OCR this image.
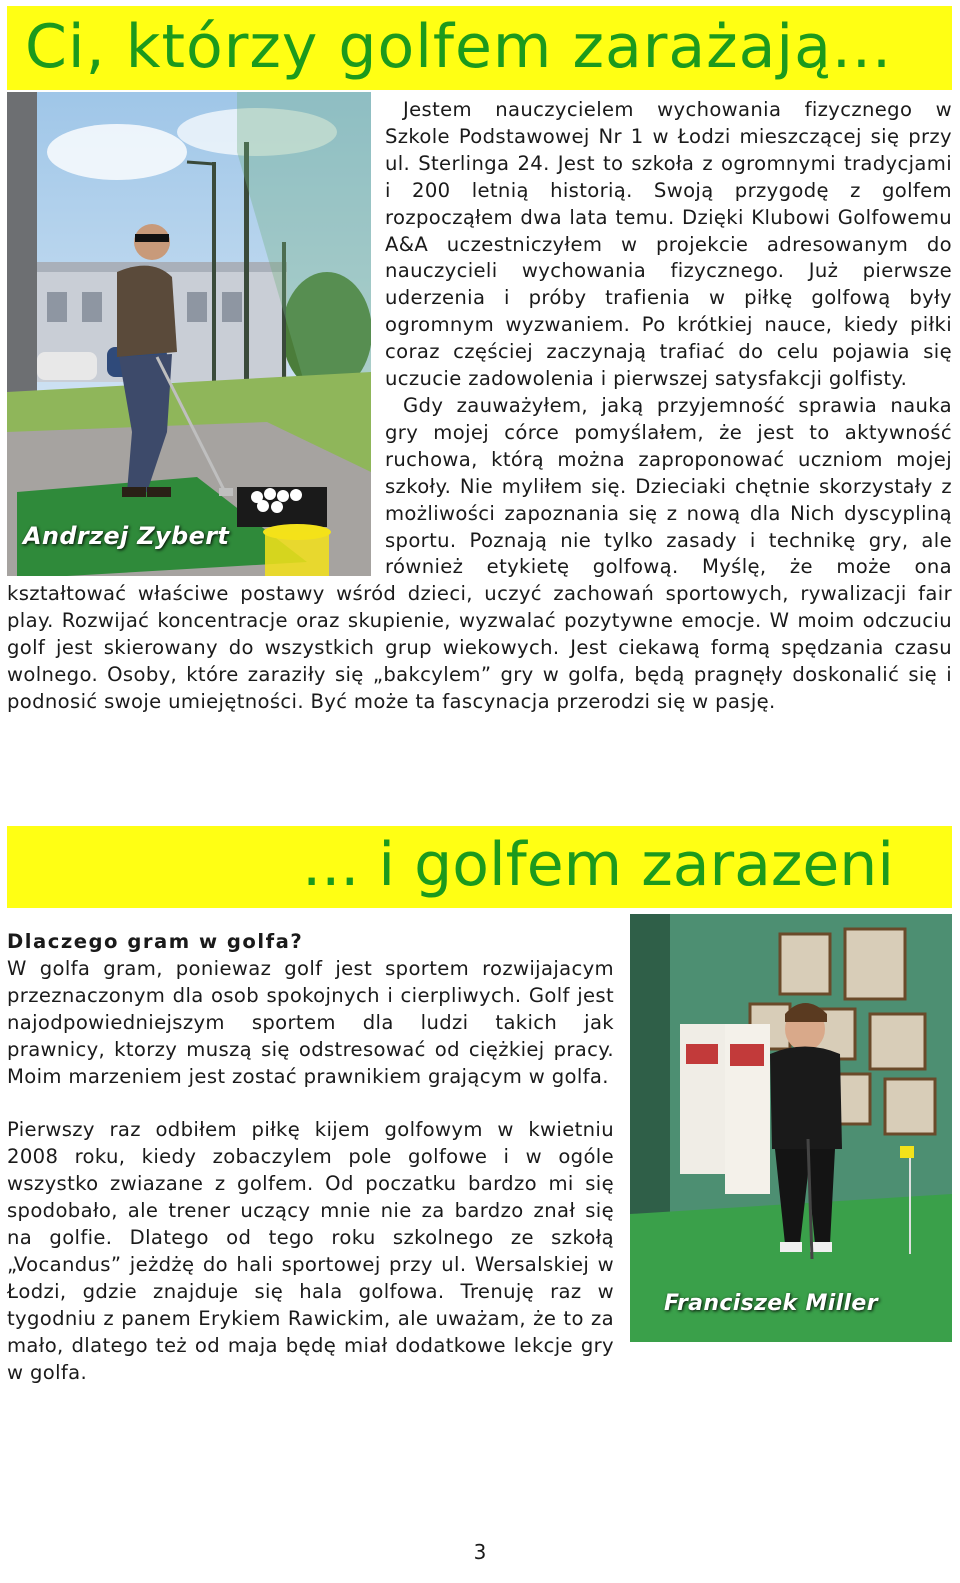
Ci, którzy golfem zarażają...
Andrzej Zybert

Jestem nauczycielem wychowania fizycznego w Szkole Podstawowej Nr 1 w Łodzi mieszczącej się przy ul. Sterlinga 24. Jest to szkoła z ogromnymi tradycjami i 200 letnią historią. Swoją przygodę z golfem rozpocząłem dwa lata temu. Dzięki Klubowi Golfowemu A&A uczestniczyłem w projekcie adresowanym do nauczycieli wychowania fizycznego. Już pierwsze uderzenia i próby trafienia w piłkę golfową były ogromnym wyzwaniem. Po krótkiej nauce, kiedy piłki coraz częściej zaczynają trafiać do celu pojawia się uczucie zadowolenia i pierwszej satysfakcji golfisty.

Gdy zauważyłem, jaką przyjemność sprawia nauka gry mojej córce pomyślałem, że jest to aktywność ruchowa, którą można zaproponować uczniom mojej szkoły. Nie myliłem się. Dzieciaki chętnie skorzystały z możliwości zapoznania się z nową dla Nich dyscypliną sportu. Poznają nie tylko zasady i technikę gry, ale również etykietę golfową. Myślę, że może ona kształtować właściwe postawy wśród dzieci, uczyć zachowań sportowych, rywalizacji fair play. Rozwijać koncentracje oraz skupienie, wyzwalać pozytywne emocje. W moim odczuciu golf jest skierowany do wszystkich grup wiekowych. Jest ciekawą formą spędzania czasu wolnego. Osoby, które zaraziły się „bakcylem” gry w golfa, będą pragnęły doskonalić się i podnosić swoje umiejętności. Być może ta fascynacja przerodzi się w pasję.

... i golfem zarazeni
Franciszek Miller

Dlaczego gram w golfa?

W golfa gram, poniewaz golf jest sportem rozwijajacym przeznaczonym dla osob spokojnych i cierpliwych. Golf jest najodpowiedniejszym sportem dla ludzi takich jak prawnicy, ktorzy muszą się odstresować od ciężkiej pracy. Moim marzeniem jest zostać prawnikiem grającym w golfa.

Pierwszy raz odbiłem piłkę kijem golfowym w kwietniu 2008 roku, kiedy zobaczylem pole golfowe i w ogóle wszystko zwiazane z golfem. Od poczatku bardzo mi się spodobało, ale trener uczący mnie nie za bardzo znał się na golfie. Dlatego od tego roku szkolnego ze szkołą „Vocandus” jeżdżę do hali sportowej przy ul. Wersalskiej w Łodzi, gdzie znajduje się hala golfowa. Trenuję raz w tygodniu z panem Erykiem Rawickim, ale uważam, że to za mało, dlatego też od maja będę miał dodatkowe lekcje gry w golfa.

3
